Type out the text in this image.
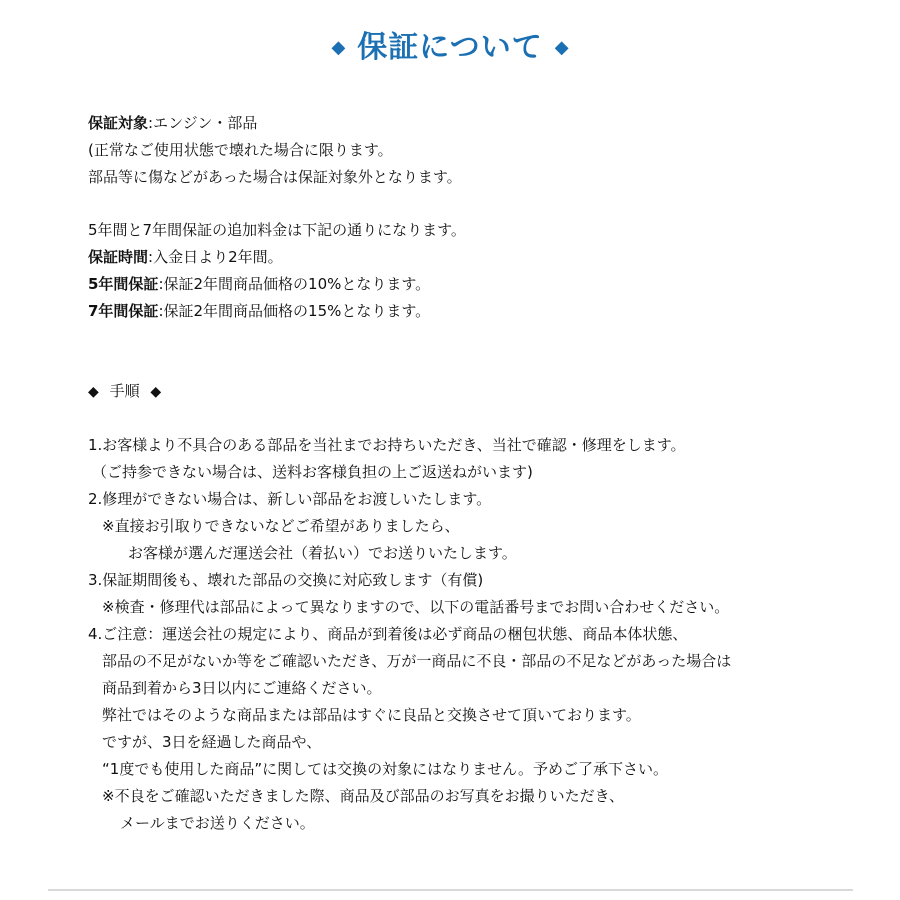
◆ 保証について ◆
保証対象:エンジン・部品
(正常なご使用状態で壊れた場合に限ります。
部品等に傷などがあった場合は保証対象外となります。
5年間と7年間保証の追加料金は下記の通りになります。
保証時間:入金日より2年間。
5年間保証:保証2年間商品価格の10%となります。
7年間保証:保証2年間商品価格の15%となります。
◆ 手順 ◆
1.お客様より不具合のある部品を当社までお持ちいただき、当社で確認・修理をします。
（ご持参できない場合は、送料お客様負担の上ご返送ねがいます)
2.修理ができない場合は、新しい部品をお渡しいたします。
※直接お引取りできないなどご希望がありましたら、
お客様が選んだ運送会社（着払い）でお送りいたします。
3.保証期間後も、壊れた部品の交換に対応致します（有償)
※検査・修理代は部品によって異なりますので、以下の電話番号までお問い合わせください。
4.ご注意：運送会社の規定により、商品が到着後は必ず商品の梱包状態、商品本体状態、
部品の不足がないか等をご確認いただき、万が一商品に不良・部品の不足などがあった場合は
商品到着から3日以内にご連絡ください。
弊社ではそのような商品または部品はすぐに良品と交換させて頂いております。
ですが、3日を経過した商品や、
“1度でも使用した商品”に関しては交換の対象にはなりません。予めご了承下さい。
※不良をご確認いただきました際、商品及び部品のお写真をお撮りいただき、
メールまでお送りください。
